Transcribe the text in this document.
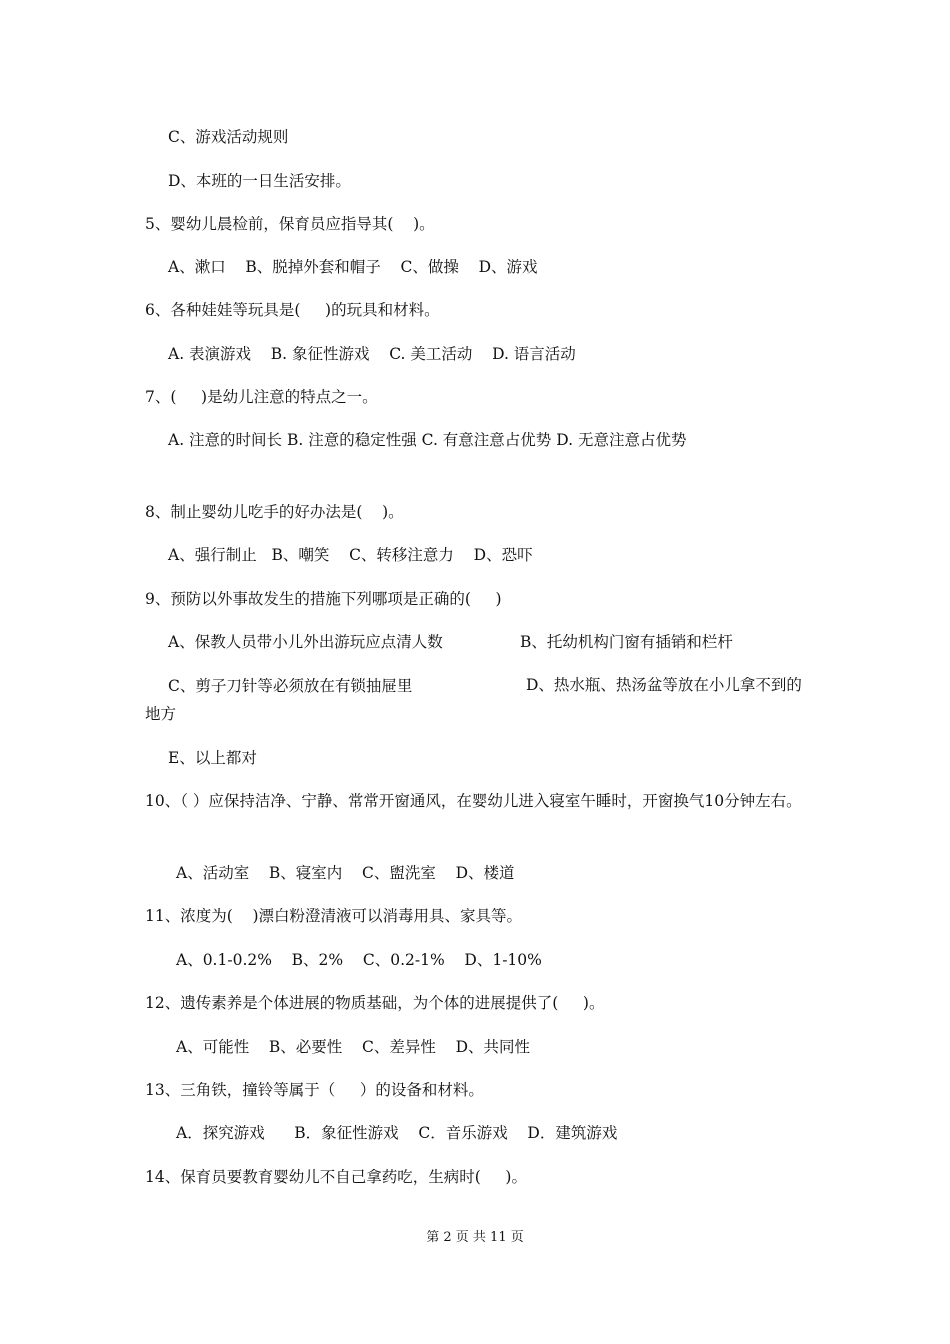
C、游戏活动规则

D、本班的一日生活安排。

5、婴幼儿晨检前，保育员应指导其(    )。

A、漱口    B、脱掉外套和帽子    C、做操    D、游戏

6、各种娃娃等玩具是(     )的玩具和材料。

A. 表演游戏    B. 象征性游戏    C. 美工活动    D. 语言活动

7、(     )是幼儿注意的特点之一。

A. 注意的时间长 B. 注意的稳定性强 C. 有意注意占优势 D. 无意注意占优势

8、制止婴幼儿吃手的好办法是(    )。

A、强行制止   B、嘲笑    C、转移注意力    D、恐吓

9、预防以外事故发生的措施下列哪项是正确的(     )

A、保教人员带小儿外出游玩应点清人数	B、托幼机构门窗有插销和栏杆

C、剪子刀针等必须放在有锁抽屉里	D、热水瓶、热汤盆等放在小儿拿不到的地方

E、以上都对

10、（ ）应保持洁净、宁静、常常开窗通风，在婴幼儿进入寝室午睡时，开窗换气10分钟左右。

A、活动室    B、寝室内    C、盥洗室    D、楼道

11、浓度为(    )漂白粉澄清液可以消毒用具、家具等。

A、0.1-0.2%    B、2%    C、0.2-1%    D、1-10%

12、遗传素养是个体进展的物质基础，为个体的进展提供了(     )。

A、可能性    B、必要性    C、差异性    D、共同性

13、三角铁，撞铃等属于（     ）的设备和材料。

A．探究游戏      B．象征性游戏    C．音乐游戏    D．建筑游戏

14、保育员要教育婴幼儿不自己拿药吃，生病时(     )。

第 2 页 共 11 页
